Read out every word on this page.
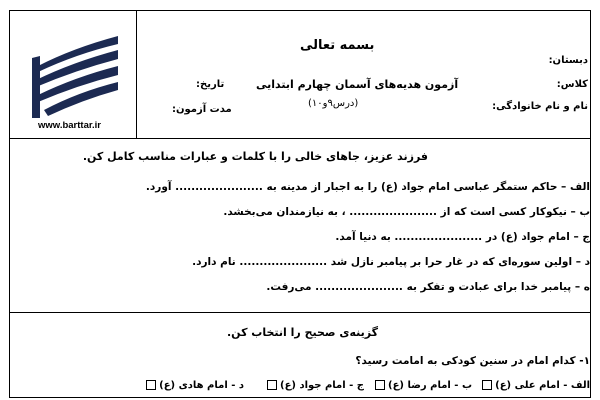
www.barttar.ir
بسمه تعالی
دبستان:
کلاس:
نام و نام خانوادگی:
آزمون هدیه‌های آسمان چهارم ابتدایی
(درس۹و۱۰)
تاریخ:
مدت آزمون:
فرزند عزیز، جاهای خالی را با کلمات و عبارات مناسب کامل کن.
الف – حاکم ستمگر عباسی امام جواد (ع) را به اجبار از مدینه به ...................... آورد.
ب – نیکوکار کسی است که از ...................... ، به نیازمندان می‌بخشد.
ج – امام جواد (ع) در ...................... به دنیا آمد.
د – اولین سوره‌ای که در غار حرا بر پیامبر نازل شد ...................... نام دارد.
ه – پیامبر خدا برای عبادت و تفکر به ...................... می‌رفت.
گزینه‌ی صحیح را انتخاب کن.
۱- کدام امام در سنین کودکی به امامت رسید؟
الف - امام علی (ع)
ب - امام رضا (ع)
ج - امام جواد (ع)
د - امام هادی (ع)
